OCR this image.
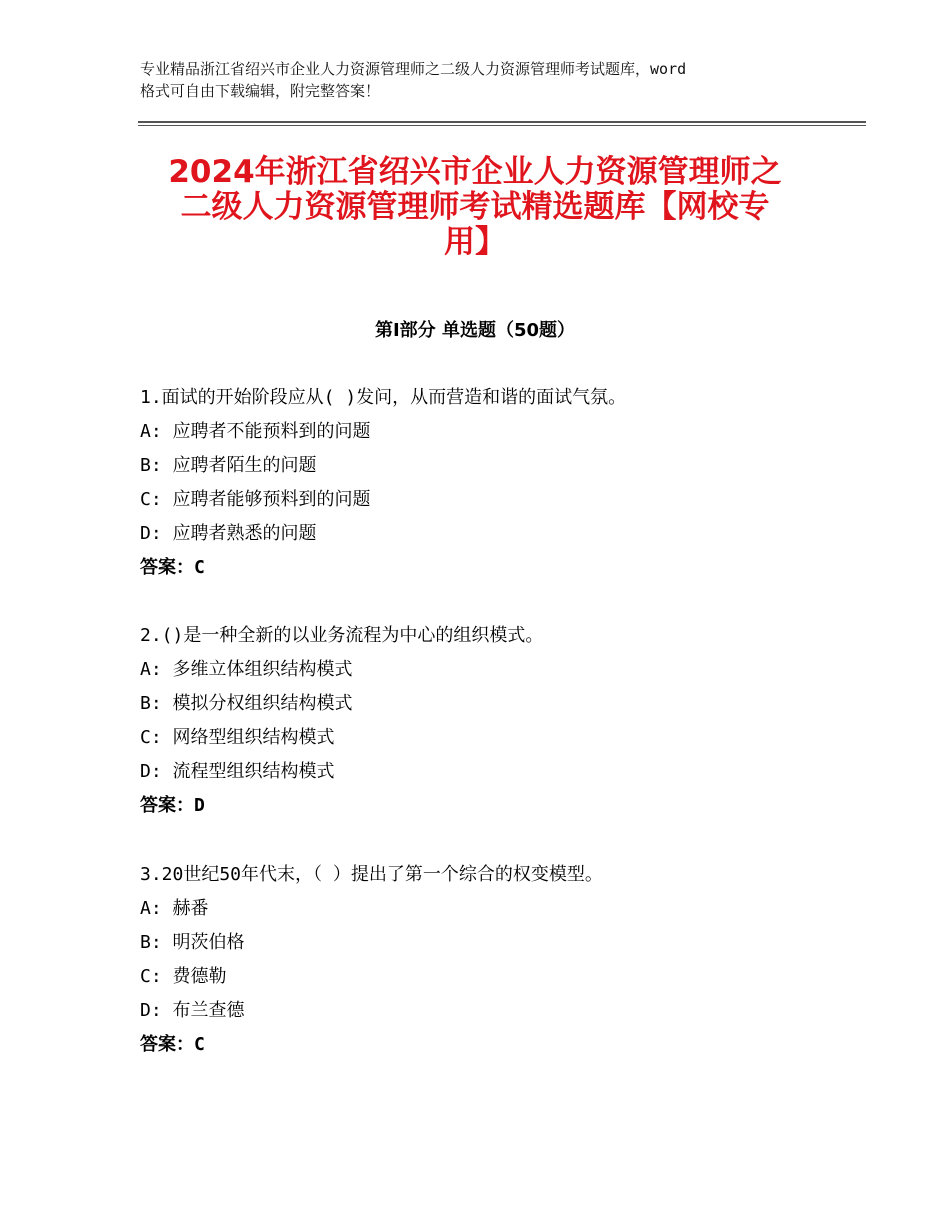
专业精品浙江省绍兴市企业人力资源管理师之二级人力资源管理师考试题库，word
格式可自由下载编辑，附完整答案！
2024年浙江省绍兴市企业人力资源管理师之
二级人力资源管理师考试精选题库【网校专
用】
第Ⅰ部分 单选题（50题）
1.面试的开始阶段应从( )发问，从而营造和谐的面试气氛。
A: 应聘者不能预料到的问题
B: 应聘者陌生的问题
C: 应聘者能够预料到的问题
D: 应聘者熟悉的问题
答案：C
2.()是一种全新的以业务流程为中心的组织模式。
A: 多维立体组织结构模式
B: 模拟分权组织结构模式
C: 网络型组织结构模式
D: 流程型组织结构模式
答案：D
3.20世纪50年代末，（ ）提出了第一个综合的权变模型。
A: 赫番
B: 明茨伯格
C: 费德勒
D: 布兰查德
答案：C
